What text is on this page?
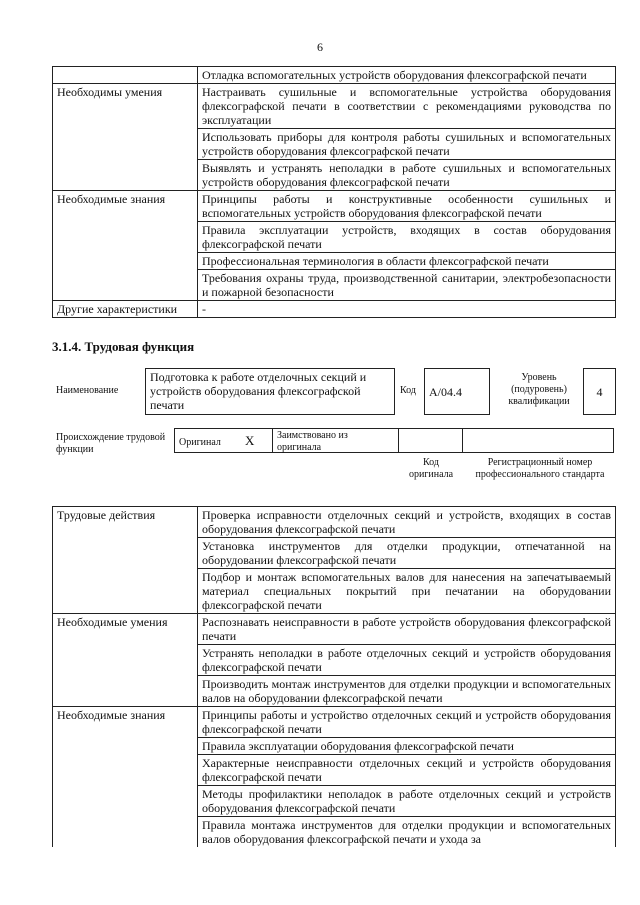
6
	Отладка вспомогательных устройств оборудования флексографской печати
Необходимы умения	Настраивать сушильные и вспомогательные устройства оборудования флексографской печати в соответствии с рекомендациями руководства по эксплуатации
	Использовать приборы для контроля работы сушильных и вспомогательных устройств оборудования флексографской печати
	Выявлять и устранять неполадки в работе сушильных и вспомогательных устройств оборудования флексографской печати
Необходимые знания	Принципы работы и конструктивные особенности сушильных и вспомогательных устройств оборудования флексографской печати
	Правила эксплуатации устройств, входящих в состав оборудования флексографской печати
	Профессиональная терминология в области флексографской печати
	Требования охраны труда, производственной санитарии, электробезопасности и пожарной безопасности
Другие характеристики	-
3.1.4. Трудовая функция
Наименование
Подготовка к работе отделочных секций и устройств оборудования флексографской печати
Код	A/04.4
Уровень (подуровень) квалификации
4
Происхождение трудовой функции
Оригинал X Заимствовано из оригинала
Код оригинала
Регистрационный номер профессионального стандарта
Трудовые действия	Проверка исправности отделочных секций и устройств, входящих в состав оборудования флексографской печати
	Установка инструментов для отделки продукции, отпечатанной на оборудовании флексографской печати
	Подбор и монтаж вспомогательных валов для нанесения на запечатываемый материал специальных покрытий при печатании на оборудовании флексографской печати
Необходимые умения	Распознавать неисправности в работе устройств оборудования флексографской печати
	Устранять неполадки в работе отделочных секций и устройств оборудования флексографской печати
	Производить монтаж инструментов для отделки продукции и вспомогательных валов на оборудовании флексографской печати
Необходимые знания	Принципы работы и устройство отделочных секций и устройств оборудования флексографской печати
	Правила эксплуатации оборудования флексографской печати
	Характерные неисправности отделочных секций и устройств оборудования флексографской печати
	Методы профилактики неполадок в работе отделочных секций и устройств оборудования флексографской печати
	Правила монтажа инструментов для отделки продукции и вспомогательных валов оборудования флексографской печати и ухода за
